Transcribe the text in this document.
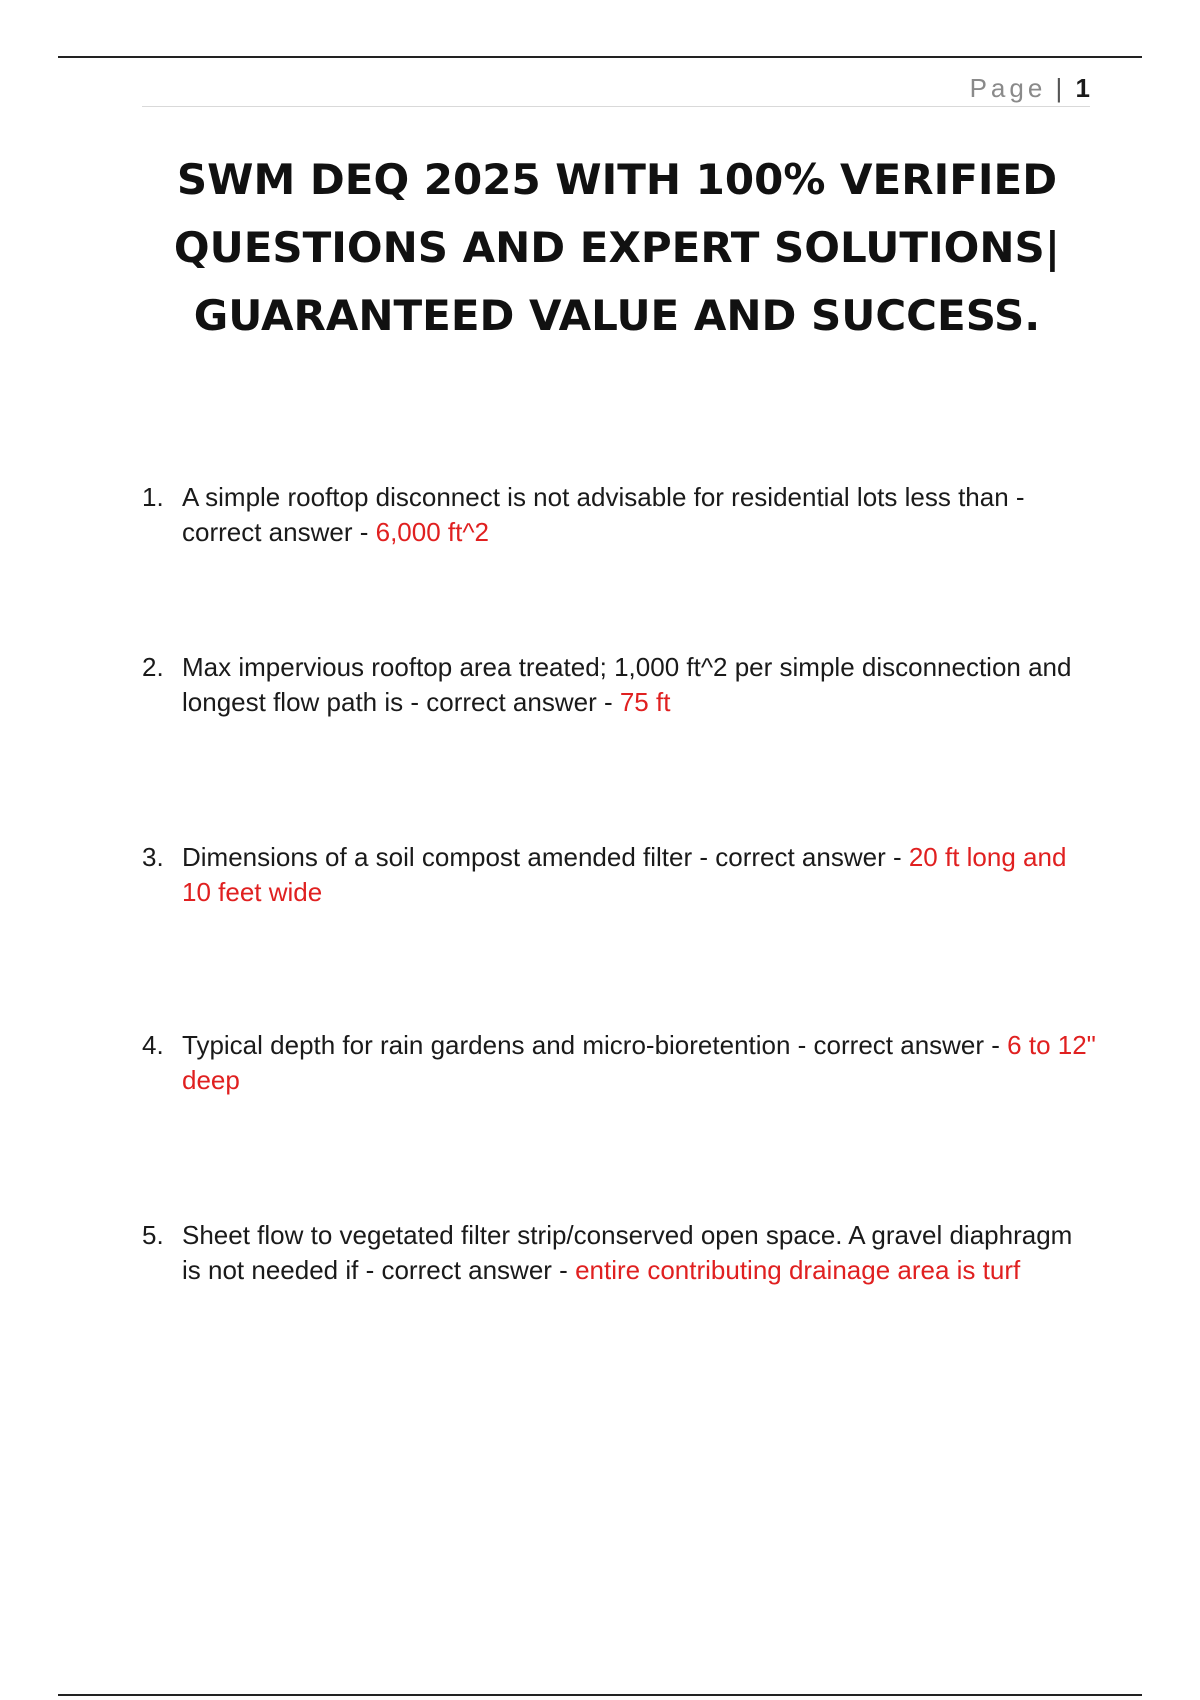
Page | 1
SWM DEQ 2025 WITH 100% VERIFIED QUESTIONS AND EXPERT SOLUTIONS| GUARANTEED VALUE AND SUCCESS.
1. A simple rooftop disconnect is not advisable for residential lots less than - correct answer - 6,000 ft^2
2. Max impervious rooftop area treated; 1,000 ft^2 per simple disconnection and longest flow path is - correct answer - 75 ft
3. Dimensions of a soil compost amended filter - correct answer - 20 ft long and 10 feet wide
4. Typical depth for rain gardens and micro-bioretention - correct answer - 6 to 12" deep
5. Sheet flow to vegetated filter strip/conserved open space. A gravel diaphragm is not needed if - correct answer - entire contributing drainage area is turf
